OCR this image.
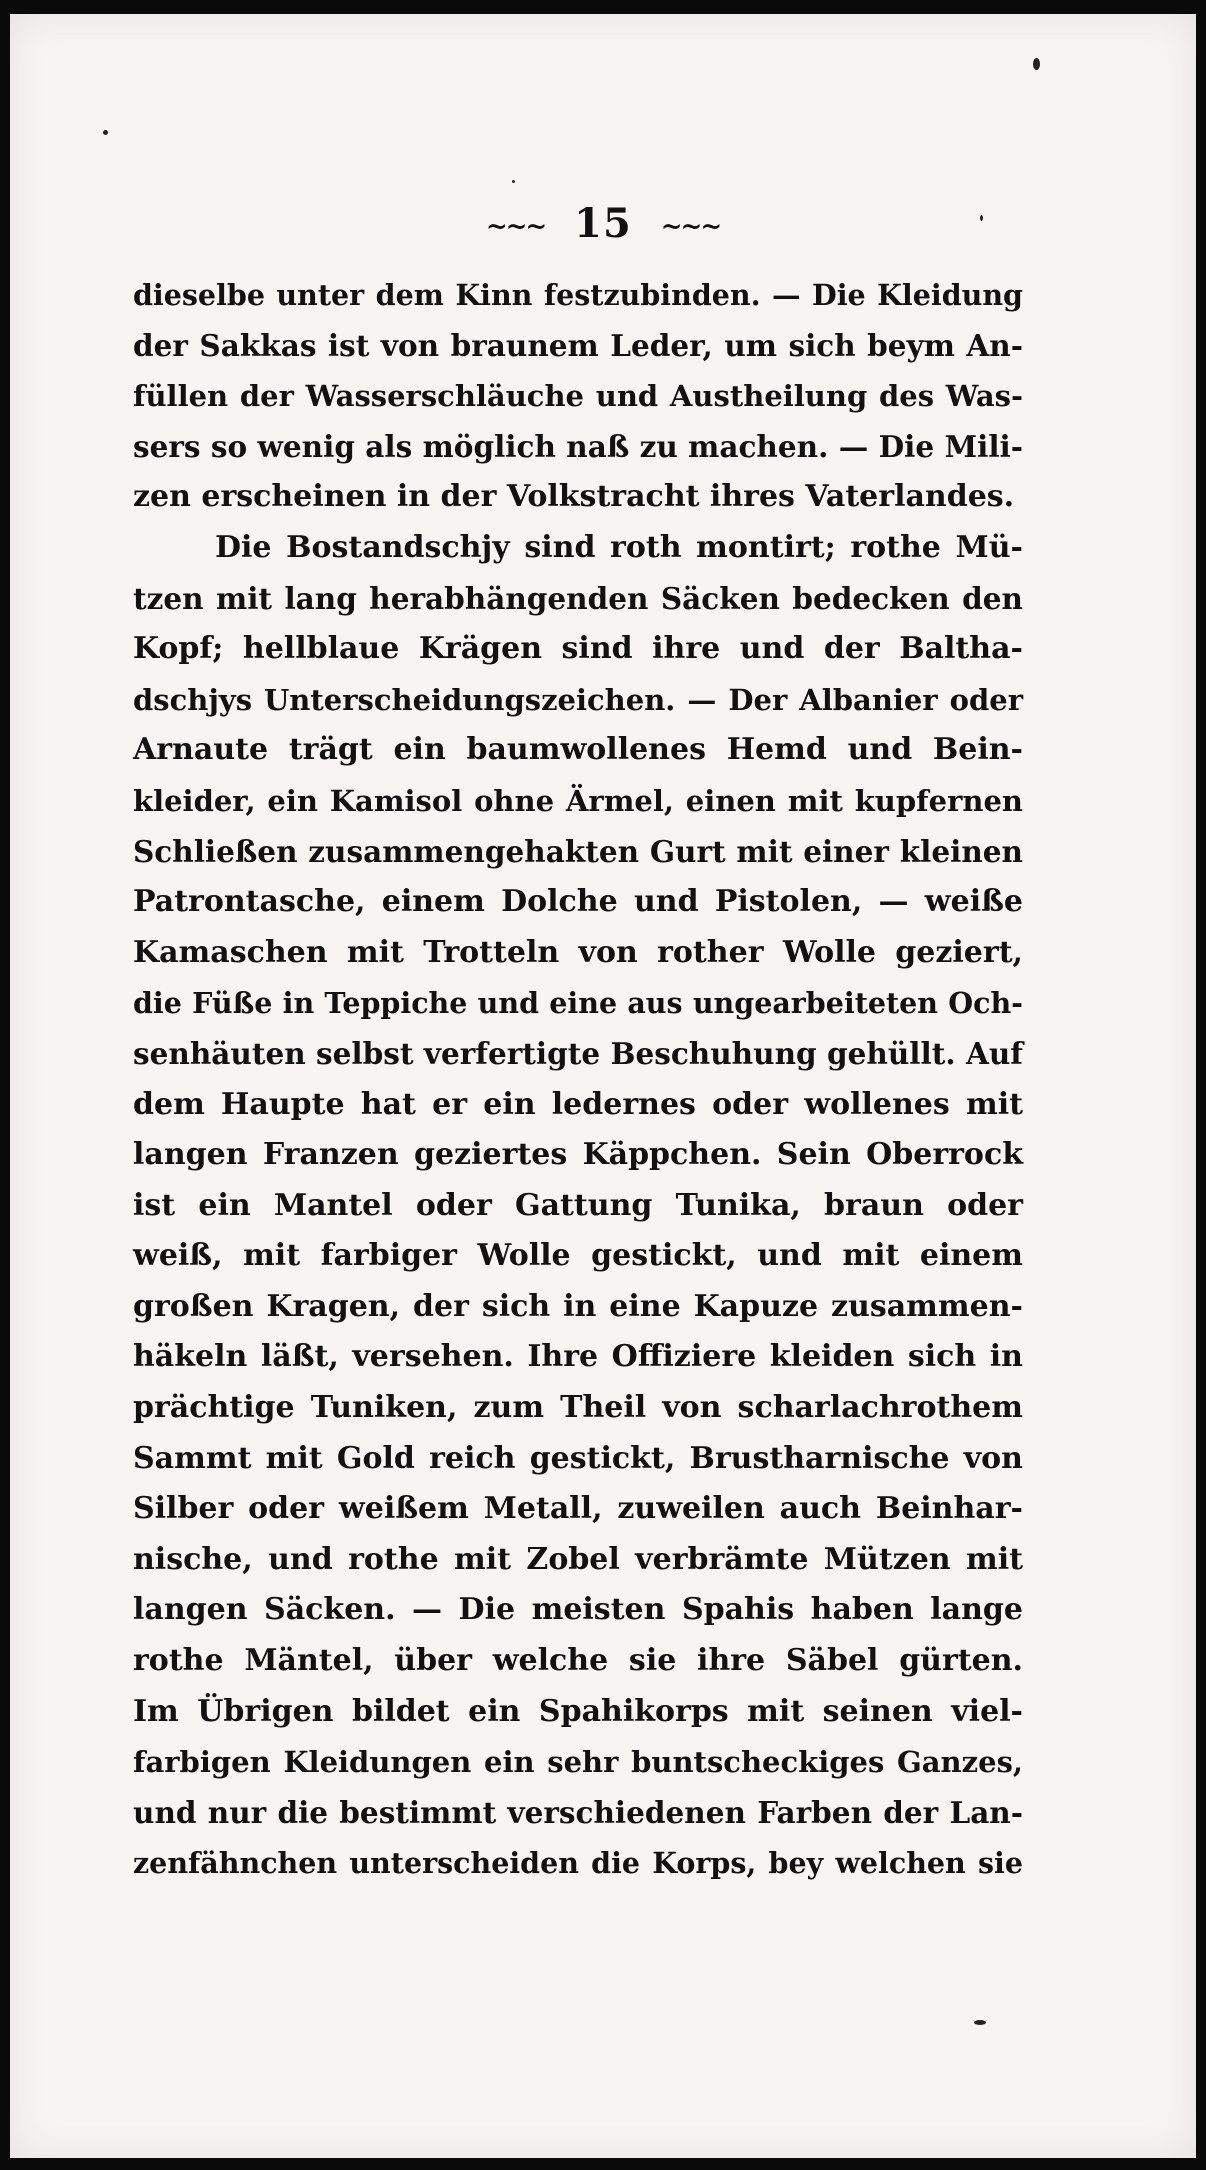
~~~ 15 ~~~
dieselbe unter dem Kinn festzubinden. — Die Kleidung
der Sakkas ist von braunem Leder, um sich beym An-
füllen der Wasserschläuche und Austheilung des Was-
sers so wenig als möglich naß zu machen. — Die Mili-
zen erscheinen in der Volkstracht ihres Vaterlandes.
Die Bostandschjy sind roth montirt; rothe Mü-
tzen mit lang herabhängenden Säcken bedecken den
Kopf; hellblaue Krägen sind ihre und der Baltha-
dschjys Unterscheidungszeichen. — Der Albanier oder
Arnaute trägt ein baumwollenes Hemd und Bein-
kleider, ein Kamisol ohne Ärmel, einen mit kupfernen
Schließen zusammengehakten Gurt mit einer kleinen
Patrontasche, einem Dolche und Pistolen, — weiße
Kamaschen mit Trotteln von rother Wolle geziert,
die Füße in Teppiche und eine aus ungearbeiteten Och-
senhäuten selbst verfertigte Beschuhung gehüllt. Auf
dem Haupte hat er ein ledernes oder wollenes mit
langen Franzen geziertes Käppchen. Sein Oberrock
ist ein Mantel oder Gattung Tunika, braun oder
weiß, mit farbiger Wolle gestickt, und mit einem
großen Kragen, der sich in eine Kapuze zusammen-
häkeln läßt, versehen. Ihre Offiziere kleiden sich in
prächtige Tuniken, zum Theil von scharlachrothem
Sammt mit Gold reich gestickt, Brustharnische von
Silber oder weißem Metall, zuweilen auch Beinhar-
nische, und rothe mit Zobel verbrämte Mützen mit
langen Säcken. — Die meisten Spahis haben lange
rothe Mäntel, über welche sie ihre Säbel gürten.
Im Übrigen bildet ein Spahikorps mit seinen viel-
farbigen Kleidungen ein sehr buntscheckiges Ganzes,
und nur die bestimmt verschiedenen Farben der Lan-
zenfähnchen unterscheiden die Korps, bey welchen sie
